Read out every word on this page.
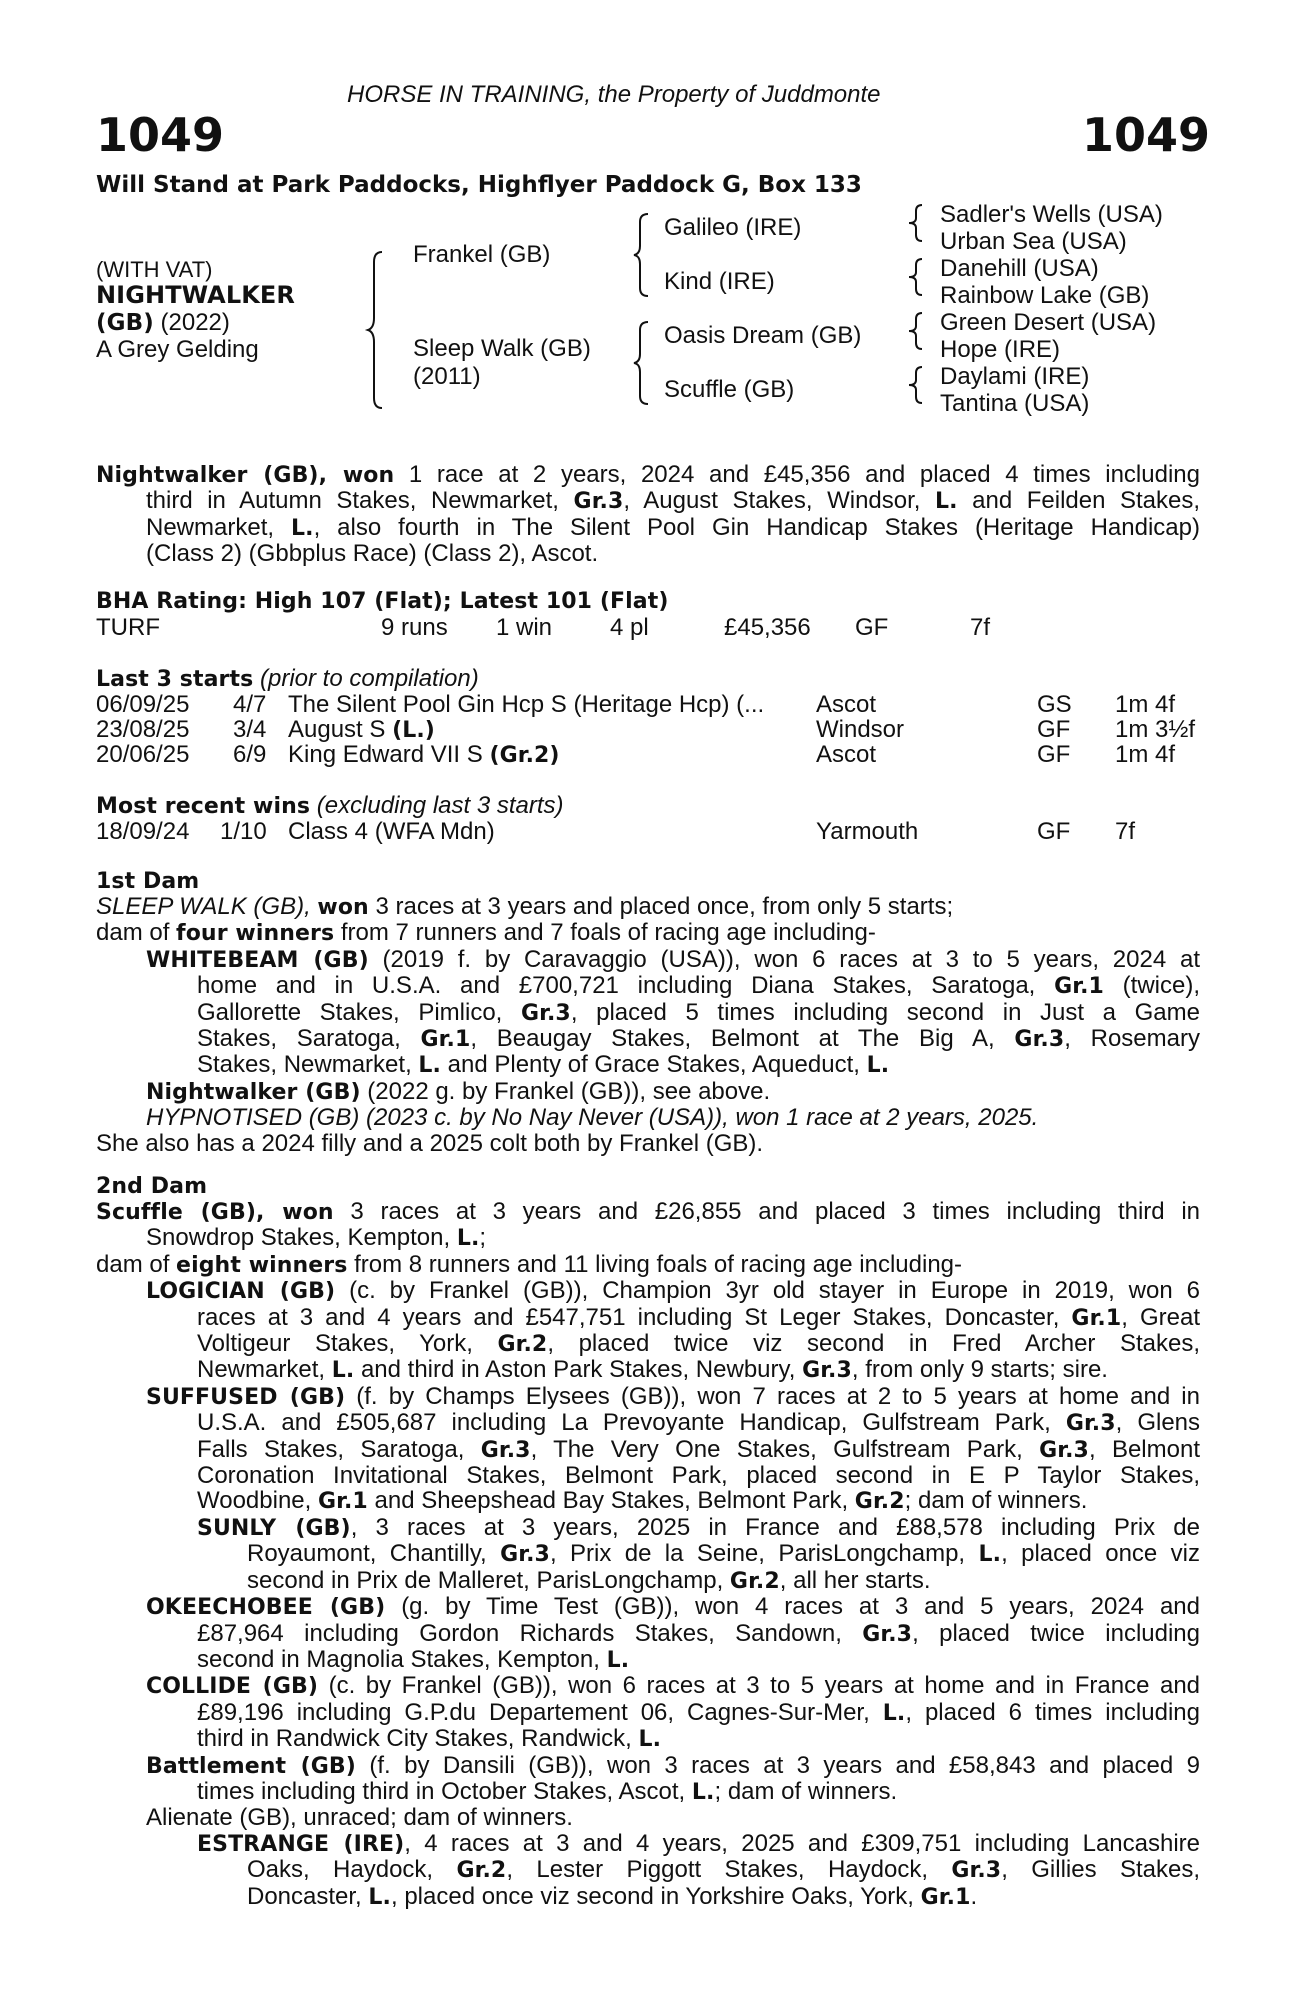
HORSE IN TRAINING, the Property of Juddmonte
1049	1049
Will Stand at Park Paddocks, Highflyer Paddock G, Box 133
(WITH VAT)
NIGHTWALKER
(GB) (2022)
A Grey Gelding
Frankel (GB)
Sleep Walk (GB)
(2011)
Galileo (IRE)
Kind (IRE)
Oasis Dream (GB)
Scuffle (GB)
Sadler's Wells (USA)
Urban Sea (USA)
Danehill (USA)
Rainbow Lake (GB)
Green Desert (USA)
Hope (IRE)
Daylami (IRE)
Tantina (USA)

Nightwalker (GB), won 1 race at 2 years, 2024 and £45,356 and placed 4 times including

third in Autumn Stakes, Newmarket, Gr.3, August Stakes, Windsor, L. and Feilden Stakes,

Newmarket, L., also fourth in The Silent Pool Gin Handicap Stakes (Heritage Handicap)

(Class 2) (Gbbplus Race) (Class 2), Ascot.

BHA Rating: High 107 (Flat); Latest 101 (Flat)
TURF	9 runs 1 win 4 pl	£45,356 GF	7f
Last 3 starts (prior to compilation)
06/09/25 4/7 The Silent Pool Gin Hcp S (Heritage Hcp) (... Ascot	GS 1m 4f
23/08/25 3/4 August S (L.)	Windsor	GF 1m 3½f
20/06/25 6/9 King Edward VII S (Gr.2)	Ascot	GF 1m 4f
Most recent wins (excluding last 3 starts)
18/09/24 1/10 Class 4 (WFA Mdn)	Yarmouth	GF 7f
1st Dam

SLEEP WALK (GB), won 3 races at 3 years and placed once, from only 5 starts;

dam of four winners from 7 runners and 7 foals of racing age including-

WHITEBEAM (GB) (2019 f. by Caravaggio (USA)), won 6 races at 3 to 5 years, 2024 at

home and in U.S.A. and £700,721 including Diana Stakes, Saratoga, Gr.1 (twice),

Gallorette Stakes, Pimlico, Gr.3, placed 5 times including second in Just a Game

Stakes, Saratoga, Gr.1, Beaugay Stakes, Belmont at The Big A, Gr.3, Rosemary

Stakes, Newmarket, L. and Plenty of Grace Stakes, Aqueduct, L.

Nightwalker (GB) (2022 g. by Frankel (GB)), see above.

HYPNOTISED (GB) (2023 c. by No Nay Never (USA)), won 1 race at 2 years, 2025.

She also has a 2024 filly and a 2025 colt both by Frankel (GB).

2nd Dam

Scuffle (GB), won 3 races at 3 years and £26,855 and placed 3 times including third in

Snowdrop Stakes, Kempton, L.;

dam of eight winners from 8 runners and 11 living foals of racing age including-

LOGICIAN (GB) (c. by Frankel (GB)), Champion 3yr old stayer in Europe in 2019, won 6

races at 3 and 4 years and £547,751 including St Leger Stakes, Doncaster, Gr.1, Great

Voltigeur Stakes, York, Gr.2, placed twice viz second in Fred Archer Stakes,

Newmarket, L. and third in Aston Park Stakes, Newbury, Gr.3, from only 9 starts; sire.

SUFFUSED (GB) (f. by Champs Elysees (GB)), won 7 races at 2 to 5 years at home and in

U.S.A. and £505,687 including La Prevoyante Handicap, Gulfstream Park, Gr.3, Glens

Falls Stakes, Saratoga, Gr.3, The Very One Stakes, Gulfstream Park, Gr.3, Belmont

Coronation Invitational Stakes, Belmont Park, placed second in E P Taylor Stakes,

Woodbine, Gr.1 and Sheepshead Bay Stakes, Belmont Park, Gr.2; dam of winners.

SUNLY (GB), 3 races at 3 years, 2025 in France and £88,578 including Prix de

Royaumont, Chantilly, Gr.3, Prix de la Seine, ParisLongchamp, L., placed once viz

second in Prix de Malleret, ParisLongchamp, Gr.2, all her starts.

OKEECHOBEE (GB) (g. by Time Test (GB)), won 4 races at 3 and 5 years, 2024 and

£87,964 including Gordon Richards Stakes, Sandown, Gr.3, placed twice including

second in Magnolia Stakes, Kempton, L.

COLLIDE (GB) (c. by Frankel (GB)), won 6 races at 3 to 5 years at home and in France and

£89,196 including G.P.du Departement 06, Cagnes-Sur-Mer, L., placed 6 times including

third in Randwick City Stakes, Randwick, L.

Battlement (GB) (f. by Dansili (GB)), won 3 races at 3 years and £58,843 and placed 9

times including third in October Stakes, Ascot, L.; dam of winners.

Alienate (GB), unraced; dam of winners.

ESTRANGE (IRE), 4 races at 3 and 4 years, 2025 and £309,751 including Lancashire

Oaks, Haydock, Gr.2, Lester Piggott Stakes, Haydock, Gr.3, Gillies Stakes,

Doncaster, L., placed once viz second in Yorkshire Oaks, York, Gr.1.
